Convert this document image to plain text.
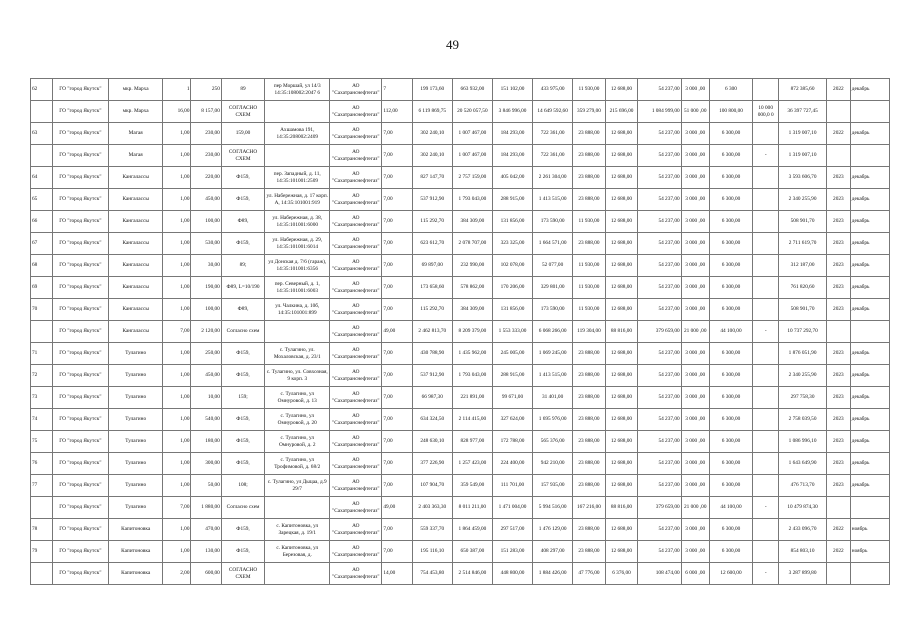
49
62	ГО "город Якутск"	мкр. Марха	1	250	89	пер Моршай, ул 14/3 14:35:108002:2047 6	АО "Сахатранснефтегаз"	7	199 173,60	663 932,00	151 102,00	433 975,00	11 930,00	12 688,00	54 237,00	3 000 ,00	6 300		872 385,60	2022	декабрь
	ГО "город Якутск"	мкр. Марха	16,00	8 157,00	СОГЛАСНО СХЕМ		АО "Сахатранснефтегаз"	112,00	6 119 869,75	20 520 057,50	3 846 996,00	14 649 592,60	359 279,00	215 696,00	1 084 999,00	51 000 ,00	100 800,00	10 000 000,0 0	36 397 727,45		
63	ГО "город Якутск"	Магая	1,00	230,00	159,00	Ахшамова 191, 14:35:208002:2409	АО "Сахатранснефтегаз"	7,00	302 240,10	1 007 467,00	184 293,00	722 361,00	23 888,00	12 688,00	54 237,00	3 000 ,00	6 300,00		1 319 007,10	2022	декабрь
	ГО "город Якутск"	Магая	1,00	230,00	СОГЛАСНО СХЕМ		АО "Сахатранснефтегаз"	7,00	302 240,10	1 007 467,00	184 293,00	722 361,00	23 888,00	12 688,00	54 237,00	3 000 ,00	6 300,00	-	1 319 007,10		
64	ГО "город Якутск"	Кангалассы	1,00	220,00	Ф159,	пер. Западный, д. 11, 14:35:101001:2509	АО "Сахатранснефтегаз"	7,00	827 147,70	2 757 159,00	405 042,00	2 261 304,00	23 888,00	12 688,00	54 237,00	3 000 ,00	6 300,00		3 593 606,70	2023	декабрь
65	ГО "город Якутск"	Кангалассы	1,00	450,00	Ф159,	ул. Набережная, д. 17 корп. А, 14:35:101001:919	АО "Сахатранснефтегаз"	7,00	537 912,90	1 793 043,00	288 915,00	1 413 515,00	23 888,00	12 688,00	54 237,00	3 000 ,00	6 300,00		2 340 255,90	2023	декабрь
66	ГО "город Якутск"	Кангалассы	1,00	100,00	Ф89,	ул. Набережная, д. 38, 14:35:101001:6000	АО "Сахатранснефтегаз"	7,00	115 292,70	384 309,00	131 856,00	173 590,00	11 930,00	12 688,00	54 237,00	3 000 ,00	6 300,00		508 901,70	2023	декабрь
67	ГО "город Якутск"	Кангалассы	1,00	530,00	Ф159,	ул. Набережная, д. 29, 14:35:101001:6014	АО "Сахатранснефтегаз"	7,00	623 612,70	2 078 707,00	323 325,00	1 664 571,00	23 888,00	12 688,00	54 237,00	3 000 ,00	6 300,00		2 711 619,70	2023	декабрь
68	ГО "город Якутск"	Кангалассы	1,00	30,00	89;	ул Донская д. 7/6 (гараж), 14:35:101001:6356	АО "Сахатранснефтегаз"	7,00	69 897,00	232 990,00	102 078,00	52 077,00	11 930,00	12 688,00	54 237,00	3 000 ,00	6 300,00		312 187,00	2023	декабрь
69	ГО "город Якутск"	Кангалассы	1,00	190,00	Ф89, L=10/190	пер. Северный, д. 1, 14:35:101001:6003	АО "Сахатранснефтегаз"	7,00	173 658,60	578 862,00	170 206,00	329 801,00	11 930,00	12 688,00	54 237,00	3 000 ,00	6 300,00		761 820,60	2023	декабрь
70	ГО "город Якутск"	Кангалассы	1,00	100,00	Ф89,	ул. Чалкина, д. 10б, 14:35:101001:899	АО "Сахатранснефтегаз"	7,00	115 292,70	384 309,00	131 856,00	173 590,00	11 930,00	12 688,00	54 237,00	3 000 ,00	6 300,00		508 901,70	2023	декабрь
	ГО "город Якутск"	Кангалассы	7,00	2 120,00	Согласно схем		АО "Сахатранснефтегаз"	49,00	2 462 813,70	8 209 379,00	1 553 333,00	6 068 266,00	119 304,00	88 816,00	379 659,00	21 000 ,00	44 100,00	-	10 737 292,70		
71	ГО "город Якутск"	Тулагино	1,00	250,00	Ф159,	с. Тулагино, ул. Мохаловская, д. 23/1	АО "Сахатранснефтегаз"	7,00	430 788,90	1 435 962,00	245 005,00	1 069 245,00	23 888,00	12 688,00	54 237,00	3 000 ,00	6 300,00		1 876 051,90	2023	декабрь
72	ГО "город Якутск"	Тулагино	1,00	450,00	Ф159,	с. Тулагино, ул. Совхозная, 9 корп. 3	АО "Сахатранснефтегаз"	7,00	537 912,90	1 793 043,00	288 915,00	1 413 515,00	23 888,00	12 688,00	54 237,00	3 000 ,00	6 300,00		2 340 255,90	2023	декабрь
73	ГО "город Якутск"	Тулагино	1,00	10,00	159;	с. Тулагино, ул Омнуровой, д. 13	АО "Сахатранснефтегаз"	7,00	66 987,30	221 891,00	99 671,00	31 401,00	23 888,00	12 688,00	54 237,00	3 000 ,00	6 300,00		297 758,30	2023	декабрь
74	ГО "город Якутск"	Тулагино	1,00	540,00	Ф159,	с. Тулагино, ул Омнуровой, д. 20	АО "Сахатранснефтегаз"	7,00	634 324,50	2 114 415,00	327 624,00	1 695 976,00	23 888,00	12 688,00	54 237,00	3 000 ,00	6 300,00		2 758 039,50	2023	декабрь
75	ГО "город Якутск"	Тулагино	1,00	180,00	Ф159,	с. Тулагино, ул Омнуровой, д. 2	АО "Сахатранснефтегаз"	7,00	248 630,10	828 977,00	172 788,00	565 376,00	23 888,00	12 688,00	54 237,00	3 000 ,00	6 300,00		1 086 996,10	2023	декабрь
76	ГО "город Якутск"	Тулагино	1,00	300,00	Ф159,	с. Тулагино, ул Трофимовой, д. 68/2	АО "Сахатранснефтегаз"	7,00	377 226,90	1 257 423,00	224 400,00	942 210,00	23 888,00	12 688,00	54 237,00	3 000 ,00	6 300,00		1 643 649,90	2023	декабрь
77	ГО "город Якутск"	Тулагино	1,00	50,00	108;	с. Тулагино, ул Дыцаа, д.9 29/7	АО "Сахатранснефтегаз"	7,00	107 904,70	359 549,00	111 701,00	157 935,00	23 888,00	12 688,00	54 237,00	3 000 ,00	6 300,00		476 713,70	2023	декабрь
	ГО "город Якутск"	Тулагино	7,00	1 880,00	Согласно схем		АО "Сахатранснефтегаз"	49,00	2 403 363,30	8 011 211,00	1 471 004,00	5 994 516,00	167 216,00	88 816,00	379 659,00	21 000 ,00	44 100,00	-	10 479 874,30		
78	ГО "город Якутск"	Капитоновка	1,00	470,00	Ф159,	с. Капитоновка, ул Зарецкая, д. 19/1	АО "Сахатранснефтегаз"	7,00	559 337,70	1 864 459,00	297 517,00	1 476 129,00	23 888,00	12 688,00	54 237,00	3 000 ,00	6 300,00		2 433 096,70	2022	ноябрь
79	ГО "город Якутск"	Капитоновка	1,00	130,00	Ф159,	с. Капитоновка, ул Березовая, д.	АО "Сахатранснефтегаз"	7,00	195 116,10	650 387,00	151 283,00	408 297,00	23 888,00	12 688,00	54 237,00	3 000 ,00	6 300,00		854 803,10	2022	ноябрь
	ГО "город Якутск"	Капитоновка	2,00	600,00	СОГЛАСНО СХЕМ		АО "Сахатранснефтегаз"	14,00	754 453,80	2 514 846,00	448 800,00	1 884 426,00	47 776,00	6 376,00	108 474,00	6 000 ,00	12 600,00	-	3 287 899,80		
